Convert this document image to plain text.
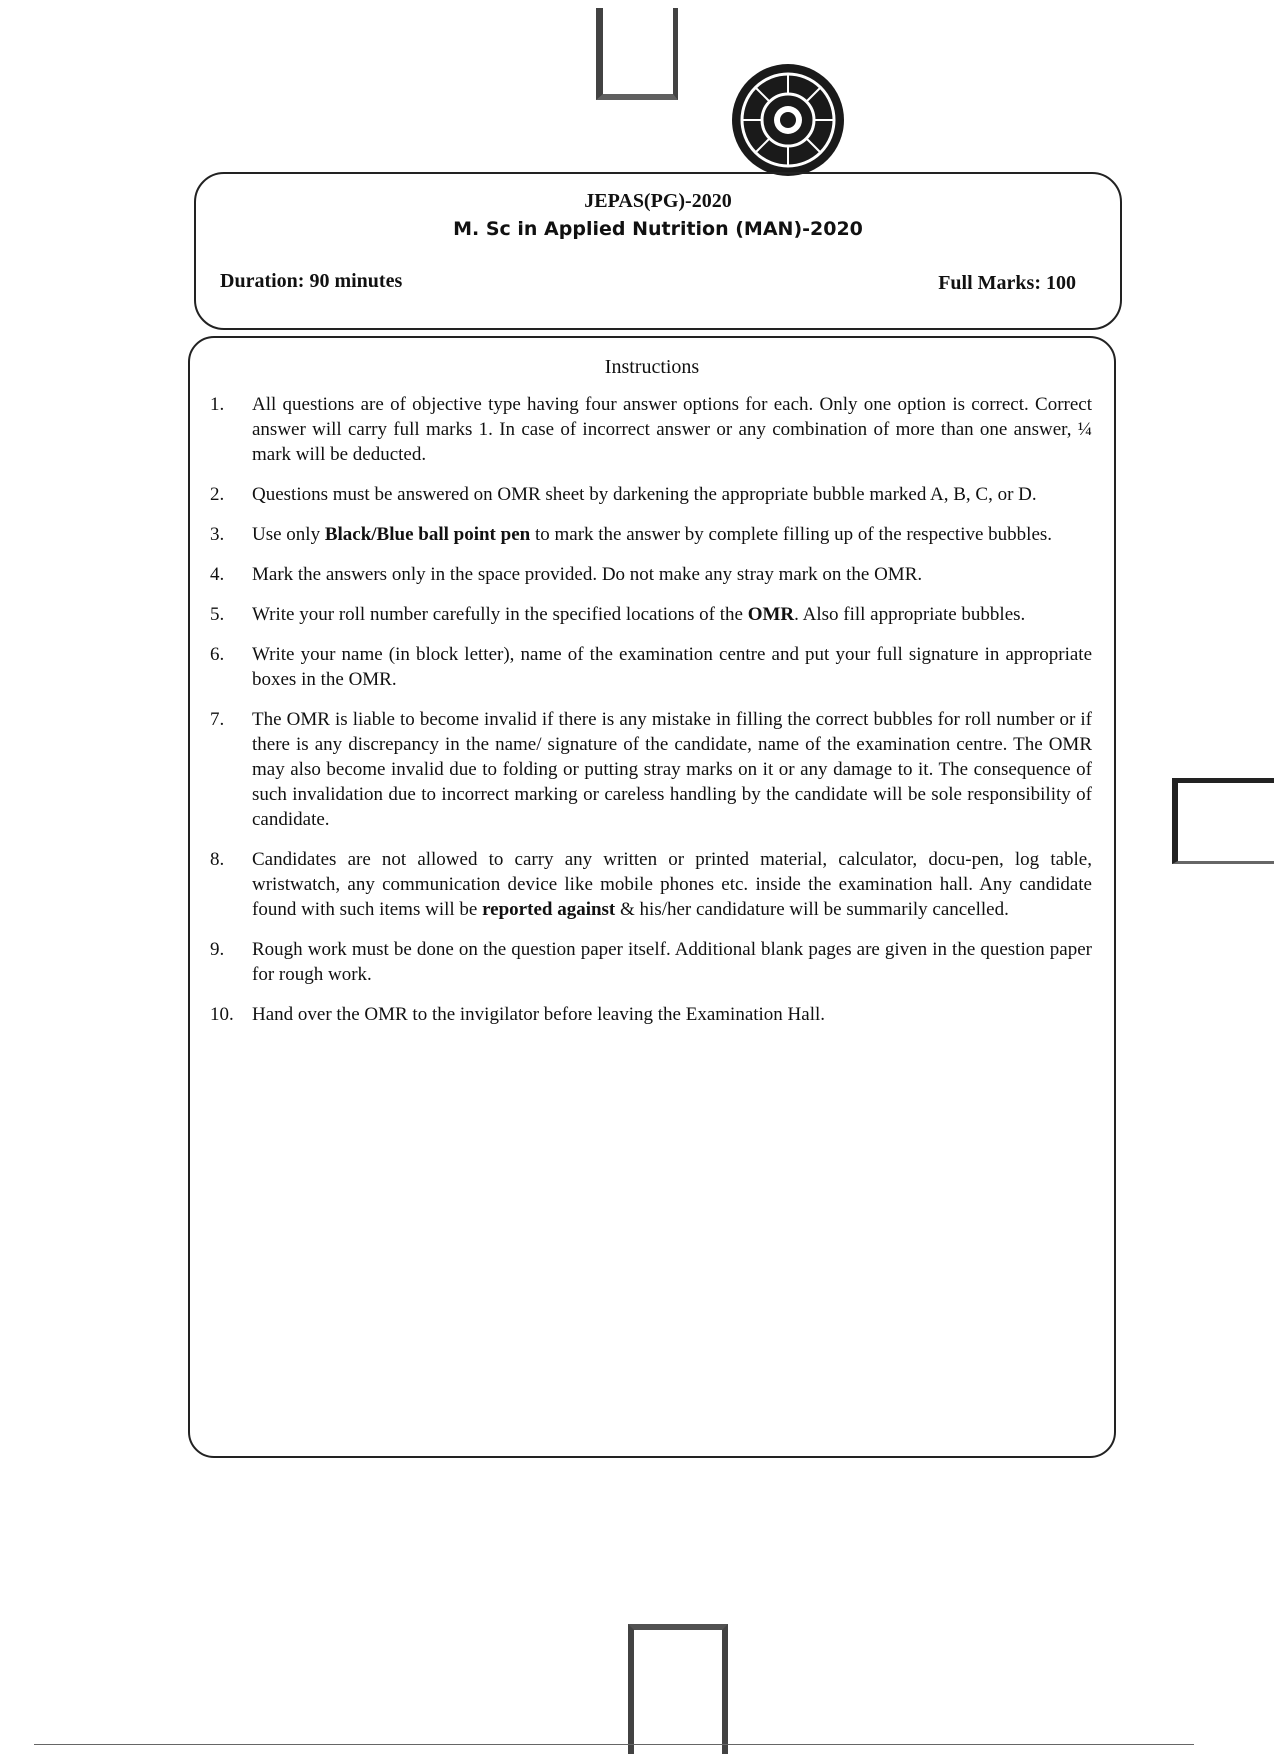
JEPAS(PG)-2020
M. Sc in Applied Nutrition (MAN)-2020
Duration: 90 minutes	Full Marks: 100
Instructions
1. All questions are of objective type having four answer options for each. Only one option is correct. Correct answer will carry full marks 1. In case of incorrect answer or any combination of more than one answer, ¼ mark will be deducted.
2. Questions must be answered on OMR sheet by darkening the appropriate bubble marked A, B, C, or D.
3. Use only Black/Blue ball point pen to mark the answer by complete filling up of the respective bubbles.
4. Mark the answers only in the space provided. Do not make any stray mark on the OMR.
5. Write your roll number carefully in the specified locations of the OMR. Also fill appropriate bubbles.
6. Write your name (in block letter), name of the examination centre and put your full signature in appropriate boxes in the OMR.
7. The OMR is liable to become invalid if there is any mistake in filling the correct bubbles for roll number or if there is any discrepancy in the name/ signature of the candidate, name of the examination centre. The OMR may also become invalid due to folding or putting stray marks on it or any damage to it. The consequence of such invalidation due to incorrect marking or careless handling by the candidate will be sole responsibility of candidate.
8. Candidates are not allowed to carry any written or printed material, calculator, docu-pen, log table, wristwatch, any communication device like mobile phones etc. inside the examination hall. Any candidate found with such items will be reported against & his/her candidature will be summarily cancelled.
9. Rough work must be done on the question paper itself. Additional blank pages are given in the question paper for rough work.
10. Hand over the OMR to the invigilator before leaving the Examination Hall.
